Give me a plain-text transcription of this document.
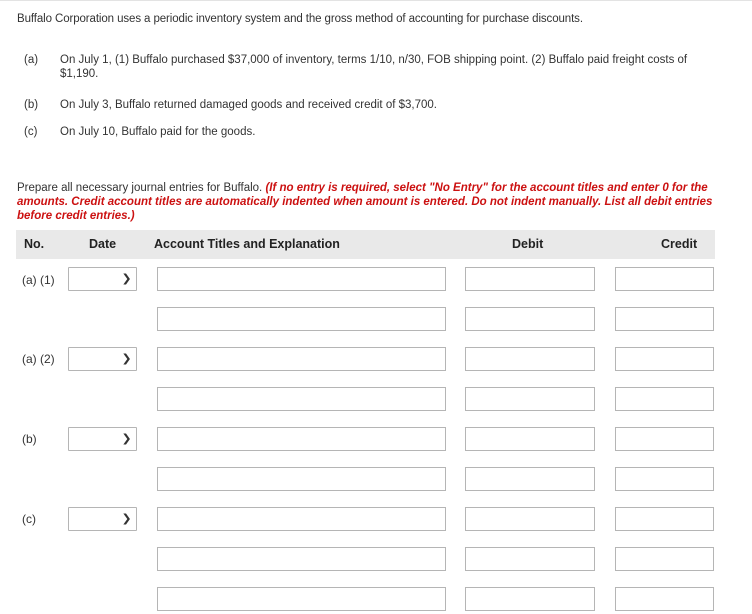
Buffalo Corporation uses a periodic inventory system and the gross method of accounting for purchase discounts.
(a) On July 1, (1) Buffalo purchased $37,000 of inventory, terms 1/10, n/30, FOB shipping point. (2) Buffalo paid freight costs of $1,190.
(b) On July 3, Buffalo returned damaged goods and received credit of $3,700.
(c) On July 10, Buffalo paid for the goods.
Prepare all necessary journal entries for Buffalo. (If no entry is required, select "No Entry" for the account titles and enter 0 for the amounts. Credit account titles are automatically indented when amount is entered. Do not indent manually. List all debit entries before credit entries.)
No.	Date	Account Titles and Explanation	Debit	Credit
(a) (1)	❯
(a) (2)	❯
(b)	❯
(c)	❯
